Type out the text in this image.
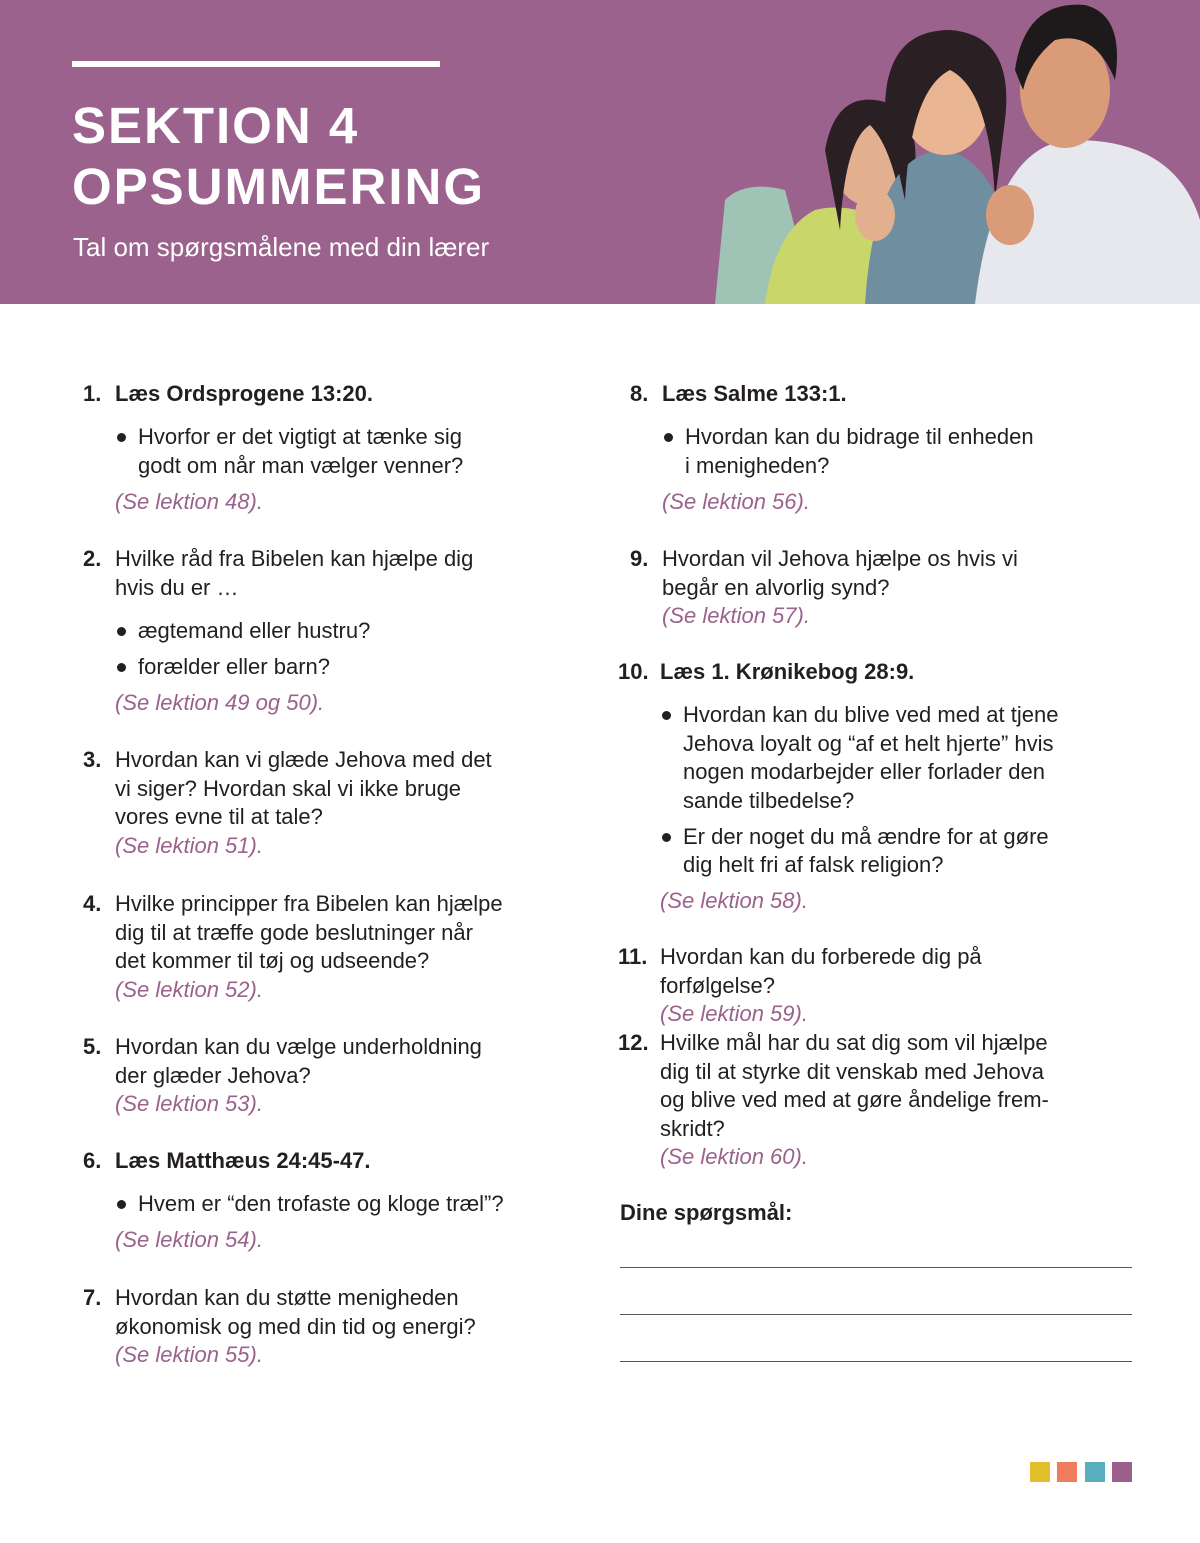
SEKTION 4
OPSUMMERING
Tal om spørgsmålene med din lærer
1. Læs Ordsprogene 13:20.
Hvorfor er det vigtigt at tænke sig
godt om når man vælger venner?
(Se lektion 48).
2. Hvilke råd fra Bibelen kan hjælpe dig
hvis du er …
ægtemand eller hustru?
forælder eller barn?
(Se lektion 49 og 50).
3. Hvordan kan vi glæde Jehova med det
vi siger? Hvordan skal vi ikke bruge
vores evne til at tale?
(Se lektion 51).
4. Hvilke principper fra Bibelen kan hjælpe
dig til at træffe gode beslutninger når
det kommer til tøj og udseende?
(Se lektion 52).
5. Hvordan kan du vælge underholdning
der glæder Jehova?
(Se lektion 53).
6. Læs Matthæus 24:45-47.
Hvem er “den trofaste og kloge træl”?
(Se lektion 54).
7. Hvordan kan du støtte menigheden
økonomisk og med din tid og energi?
(Se lektion 55).
8. Læs Salme 133:1.
Hvordan kan du bidrage til enheden
i menigheden?
(Se lektion 56).
9. Hvordan vil Jehova hjælpe os hvis vi
begår en alvorlig synd?
(Se lektion 57).
10. Læs 1. Krønikebog 28:9.
Hvordan kan du blive ved med at tjene
Jehova loyalt og “af et helt hjerte” hvis
nogen modarbejder eller forlader den
sande tilbedelse?
Er der noget du må ændre for at gøre
dig helt fri af falsk religion?
(Se lektion 58).
11. Hvordan kan du forberede dig på forfølgelse?
(Se lektion 59).
12. Hvilke mål har du sat dig som vil hjælpe
dig til at styrke dit venskab med Jehova
og blive ved med at gøre åndelige frem-
skridt?
(Se lektion 60).
Dine spørgsmål:
